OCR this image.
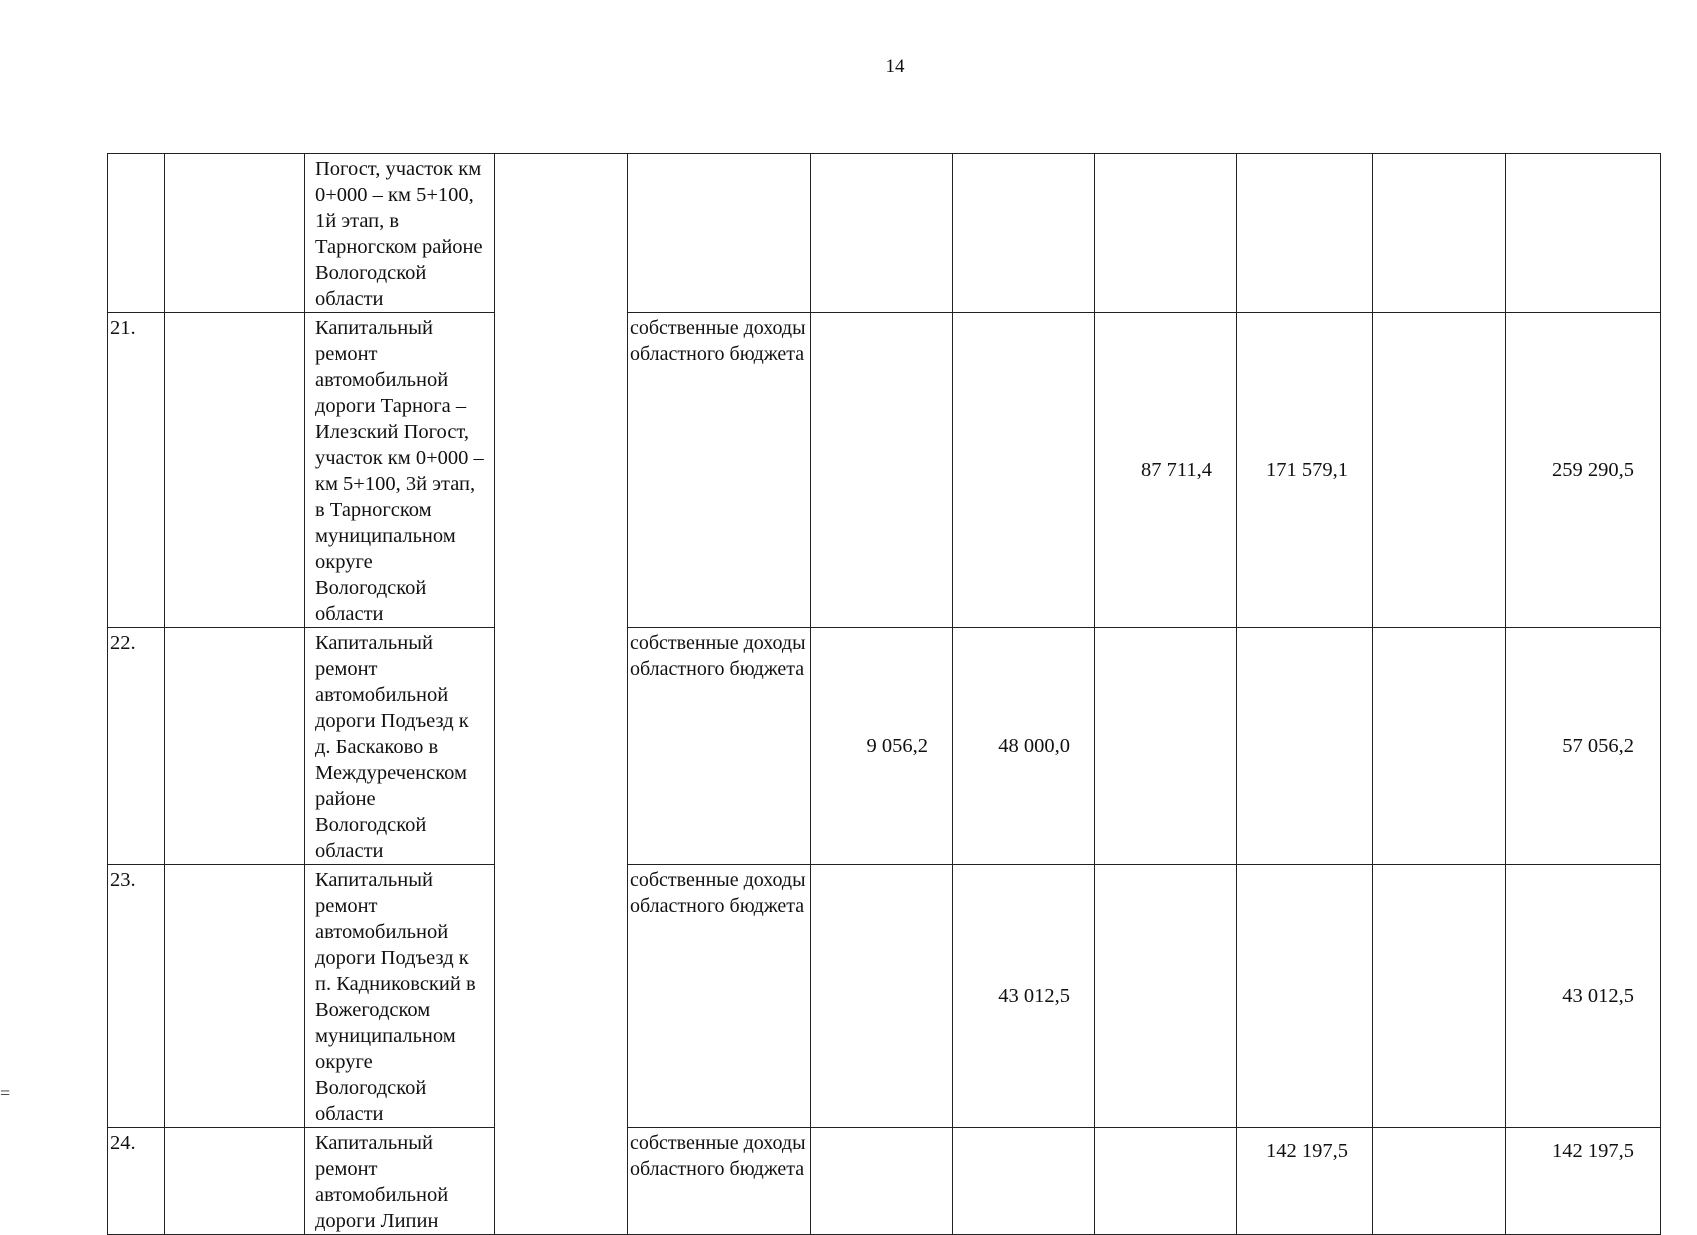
14
		Погост, участок км 0+000 – км 5+100, 1й этап, в Тарногском районе Вологодской области								
21.		Капитальный ремонт автомобильной дороги Тарнога – Илезский Погост, участок км 0+000 – км 5+100, 3й этап, в Тарногском муниципальном округе Вологодской области		собственные доходы областного бюджета			87 711,4	171 579,1		259 290,5
22.		Капитальный ремонт автомобильной дороги Подъезд к д. Баскаково в Междуреченском районе Вологодской области		собственные доходы областного бюджета	9 056,2	48 000,0				57 056,2
23.		Капитальный ремонт автомобильной дороги Подъезд к п. Кадниковский в Вожегодском муниципальном округе Вологодской области		собственные доходы областного бюджета		43 012,5				43 012,5
24.		Капитальный ремонт автомобильной дороги Липин		собственные доходы областного бюджета				142 197,5		142 197,5
=
